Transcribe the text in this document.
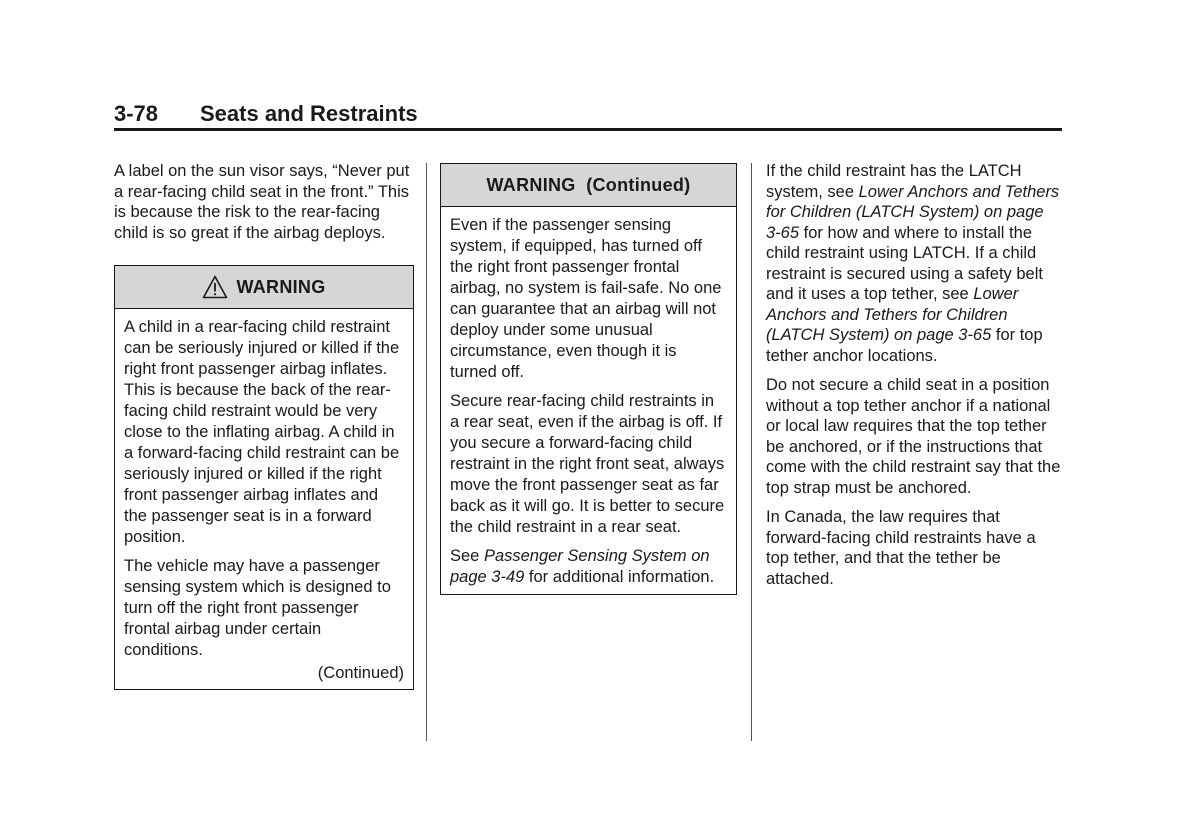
3-78 Seats and Restraints

A label on the sun visor says, “Never put a rear-facing child seat in the front.” This is because the risk to the rear-facing child is so great if the airbag deploys.

WARNING

A child in a rear-facing child restraint can be seriously injured or killed if the right front passenger airbag inflates. This is because the back of the rear-facing child restraint would be very close to the inflating airbag. A child in a forward-facing child restraint can be seriously injured or killed if the right front passenger airbag inflates and the passenger seat is in a forward position.

The vehicle may have a passenger sensing system which is designed to turn off the right front passenger frontal airbag under certain conditions.

(Continued)
WARNING  (Continued)

Even if the passenger sensing system, if equipped, has turned off the right front passenger frontal airbag, no system is fail-safe. No one can guarantee that an airbag will not deploy under some unusual circumstance, even though it is turned off.

Secure rear-facing child restraints in a rear seat, even if the airbag is off. If you secure a forward-facing child restraint in the right front seat, always move the front passenger seat as far back as it will go. It is better to secure the child restraint in a rear seat.

See Passenger Sensing System on page 3-49 for additional information.

If the child restraint has the LATCH system, see Lower Anchors and Tethers for Children (LATCH System) on page 3-65 for how and where to install the child restraint using LATCH. If a child restraint is secured using a safety belt and it uses a top tether, see Lower Anchors and Tethers for Children (LATCH System) on page 3-65 for top tether anchor locations.

Do not secure a child seat in a position without a top tether anchor if a national or local law requires that the top tether be anchored, or if the instructions that come with the child restraint say that the top strap must be anchored.

In Canada, the law requires that forward-facing child restraints have a top tether, and that the tether be attached.
